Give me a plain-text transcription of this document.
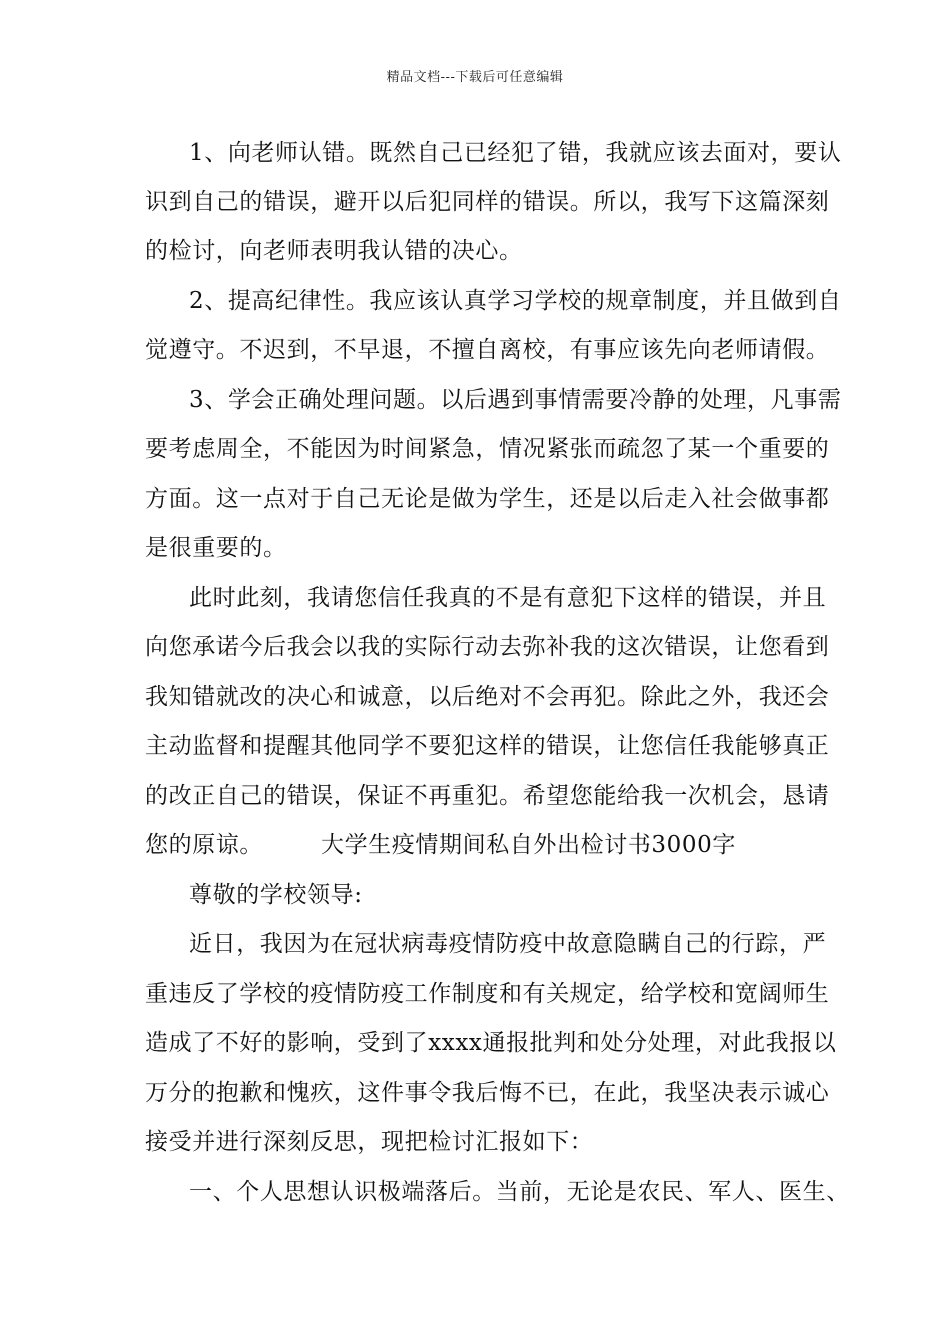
精品文档---下载后可任意编辑
1、向老师认错。既然自己已经犯了错，我就应该去面对，要认
识到自己的错误，避开以后犯同样的错误。所以，我写下这篇深刻
的检讨，向老师表明我认错的决心。
2、提高纪律性。我应该认真学习学校的规章制度，并且做到自
觉遵守。不迟到，不早退，不擅自离校，有事应该先向老师请假。
3、学会正确处理问题。以后遇到事情需要冷静的处理，凡事需
要考虑周全，不能因为时间紧急，情况紧张而疏忽了某一个重要的
方面。这一点对于自己无论是做为学生，还是以后走入社会做事都
是很重要的。
此时此刻，我请您信任我真的不是有意犯下这样的错误，并且
向您承诺今后我会以我的实际行动去弥补我的这次错误，让您看到
我知错就改的决心和诚意，以后绝对不会再犯。除此之外，我还会
主动监督和提醒其他同学不要犯这样的错误，让您信任我能够真正
的改正自己的错误，保证不再重犯。希望您能给我一次机会，恳请
您的原谅。	大学生疫情期间私自外出检讨书3000字
尊敬的学校领导:
近日，我因为在冠状病毒疫情防疫中故意隐瞒自己的行踪，严
重违反了学校的疫情防疫工作制度和有关规定，给学校和宽阔师生
造成了不好的影响，受到了xxxx通报批判和处分处理，对此我报以
万分的抱歉和愧疚，这件事令我后悔不已，在此，我坚决表示诚心
接受并进行深刻反思，现把检讨汇报如下：
一、个人思想认识极端落后。当前，无论是农民、军人、医生、
